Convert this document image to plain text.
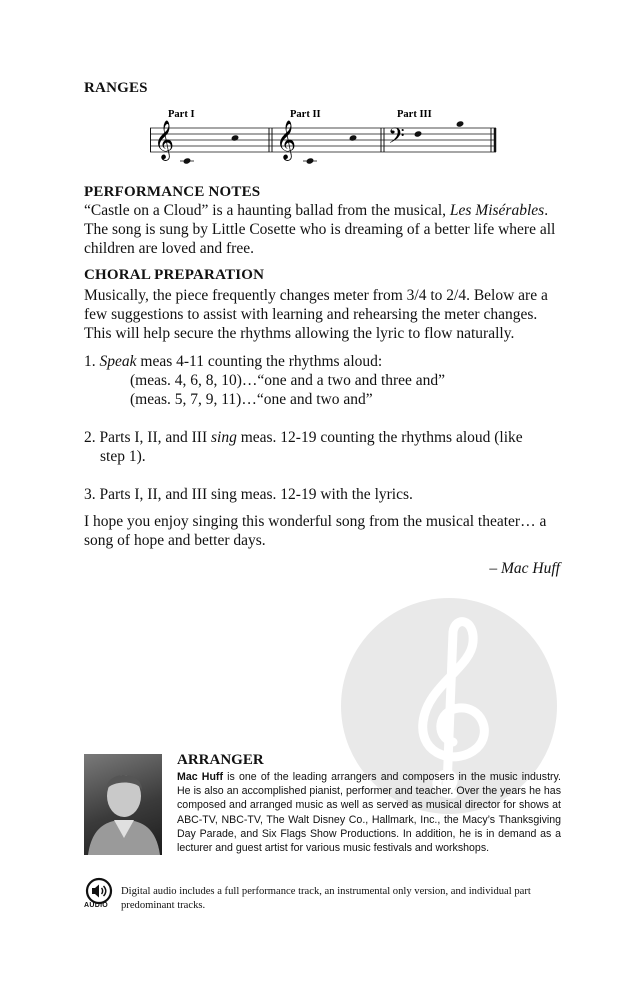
RANGES
Part I	Part II	Part III
𝄞	𝄞	𝄢
PERFORMANCE NOTES
“Castle on a Cloud” is a haunting ballad from the musical, Les Misérables. The song is sung by Little Cosette who is dreaming of a better life where all children are loved and free.
CHORAL PREPARATION
Musically, the piece frequently changes meter from 3/4 to 2/4. Below are a few suggestions to assist with learning and rehearsing the meter changes. This will help secure the rhythms allowing the lyric to flow naturally.
1. Speak meas 4-11 counting the rhythms aloud:
(meas. 4, 6, 8, 10)…“one and a two and three and”
(meas. 5, 7, 9, 11)…“one and two and”
2. Parts I, II, and III sing meas. 12-19 counting the rhythms aloud (like
step 1).
3. Parts I, II, and III sing meas. 12-19 with the lyrics.
I hope you enjoy singing this wonderful song from the musical theater… a song of hope and better days.
– Mac Huff
ARRANGER
Mac Huff is one of the leading arrangers and composers in the music industry. He is also an accomplished pianist, performer and teacher. Over the years he has composed and arranged music as well as served as musical director for shows at ABC-TV, NBC-TV, The Walt Disney Co., Hallmark, Inc., the Macy’s Thanksgiving Day Parade, and Six Flags Show Productions. In addition, he is in demand as a lecturer and guest artist for various music festivals and workshops.
AUDIO
Digital audio includes a full performance track, an instrumental only version, and individual part predominant tracks.
